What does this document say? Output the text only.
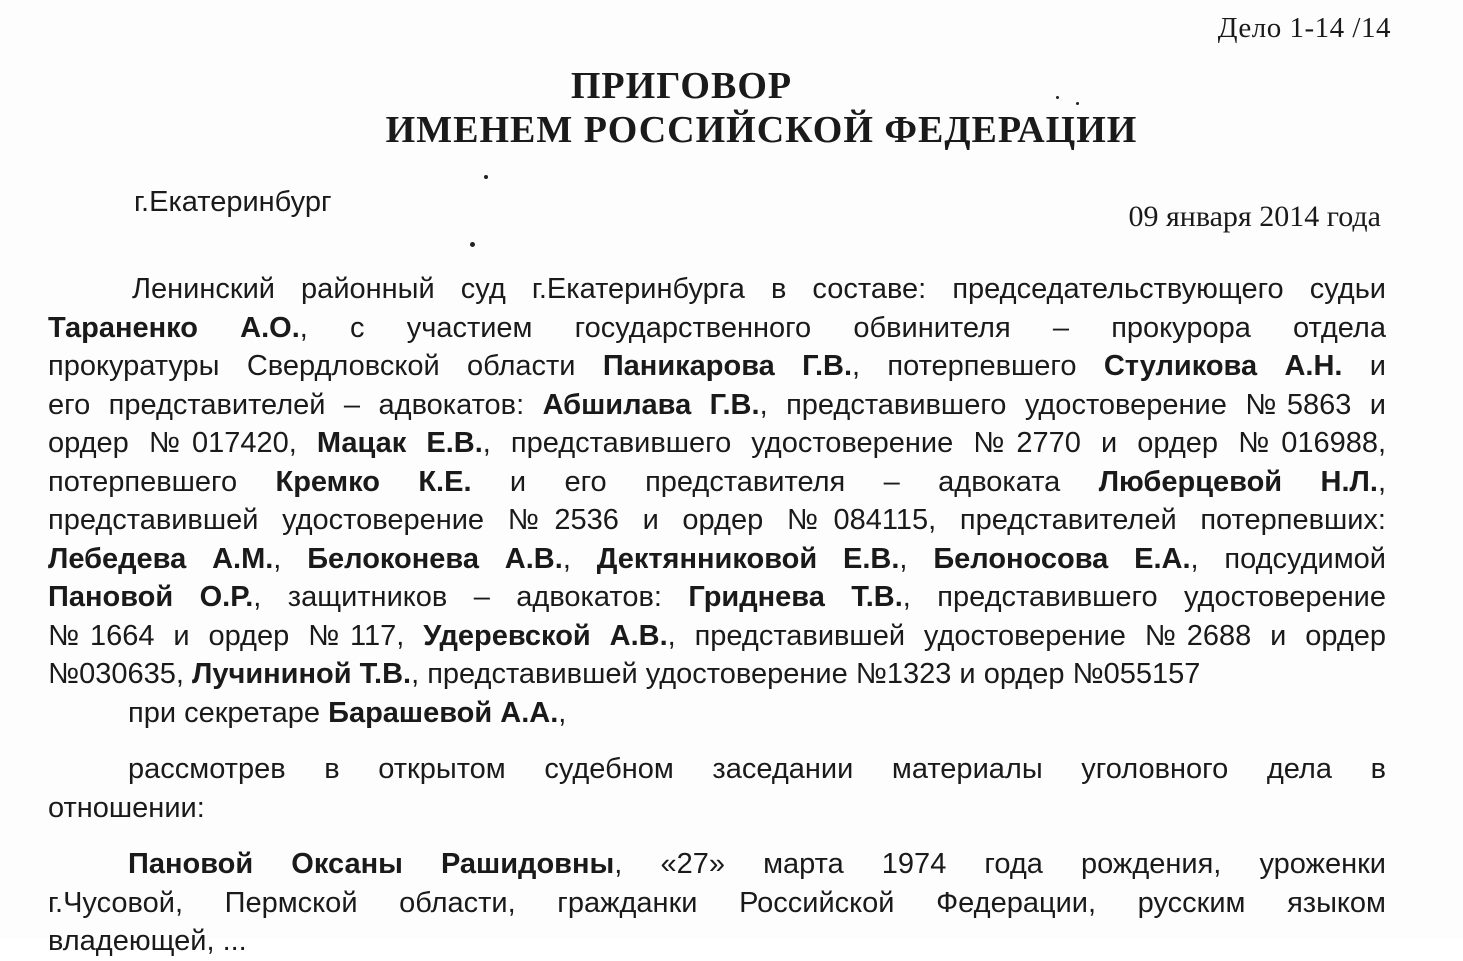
Дело 1-14 /14
ПРИГОВОР
ИМЕНЕМ РОССИЙСКОЙ ФЕДЕРАЦИИ
г.Екатеринбург	09 января 2014 года
Ленинский районный суд г.Екатеринбурга в составе: председательствующего судьи
Тараненко А.О., с участием государственного обвинителя – прокурора отдела
прокуратуры Свердловской области Паникарова Г.В., потерпевшего Стуликова А.Н. и
его представителей – адвокатов: Абшилава Г.В., представившего удостоверение №5863 и
ордер №017420, Мацак Е.В., представившего удостоверение №2770 и ордер №016988,
потерпевшего Кремко К.Е. и его представителя – адвоката Люберцевой Н.Л.,
представившей удостоверение №2536 и ордер №084115, представителей потерпевших:
Лебедева А.М., Белоконева А.В., Дектянниковой Е.В., Белоносова Е.А., подсудимой
Пановой О.Р., защитников – адвокатов: Гриднева Т.В., представившего удостоверение
№1664 и ордер №117, Удеревской А.В., представившей удостоверение №2688 и ордер
№030635, Лучининой Т.В., представившей удостоверение №1323 и ордер №055157
при секретаре Барашевой А.А.,
рассмотрев в открытом судебном заседании материалы уголовного дела в
отношении:
Пановой Оксаны Рашидовны, «27» марта 1974 года рождения, уроженки
г.Чусовой, Пермской области, гражданки Российской Федерации, русским языком
владеющей, ...
